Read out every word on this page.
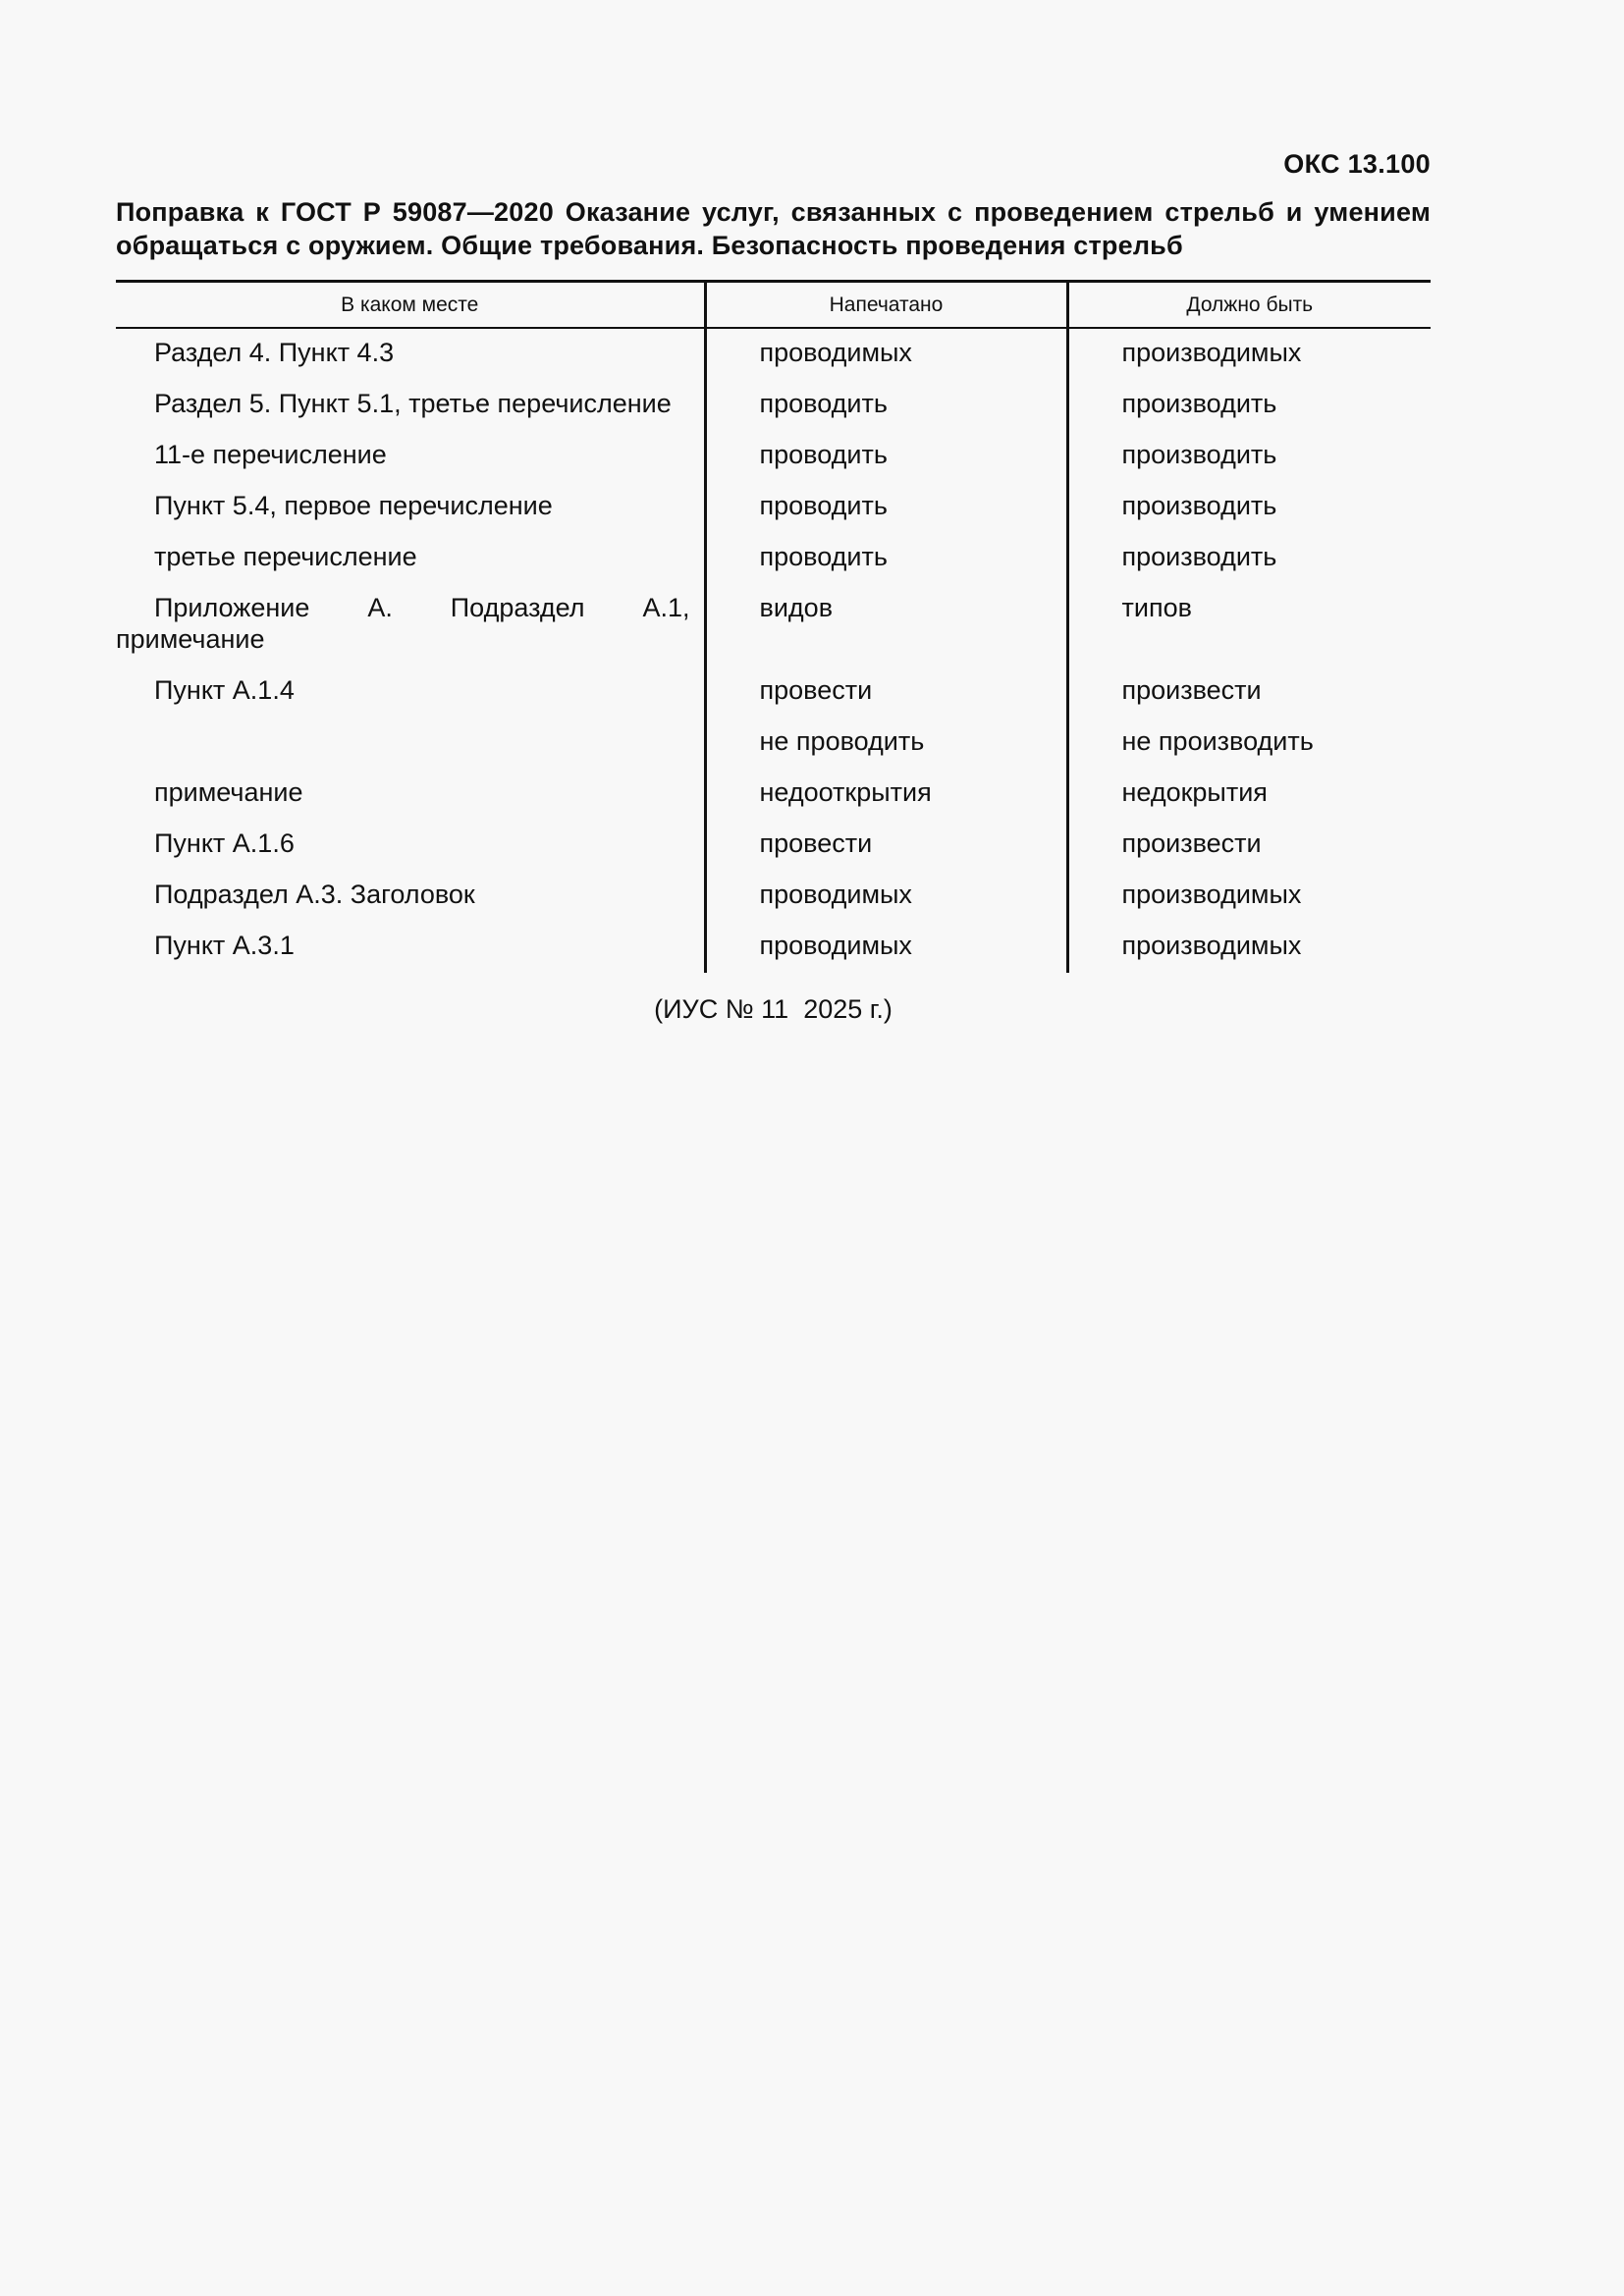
ОКС 13.100

Поправка к ГОСТ Р 59087—2020 Оказание услуг, связанных с проведением стрельб и умением обращаться с оружием. Общие требования. Безопасность проведения стрельб
В каком месте	Напечатано	Должно быть
Раздел 4. Пункт 4.3	проводимых	производимых
Раздел 5. Пункт 5.1, третье перечисление	проводить	производить
11-е перечисление	проводить	производить
Пункт 5.4, первое перечисление	проводить	производить
третье перечисление	проводить	производить
Приложение А. Подраздел А.1, примечание	видов	типов
Пункт А.1.4	провести	произвести
	не проводить	не производить
примечание	недооткрытия	недокрытия
Пункт А.1.6	провести	произвести
Подраздел А.3. Заголовок	проводимых	производимых
Пункт А.3.1	проводимых	производимых
(ИУС № 11  2025 г.)
